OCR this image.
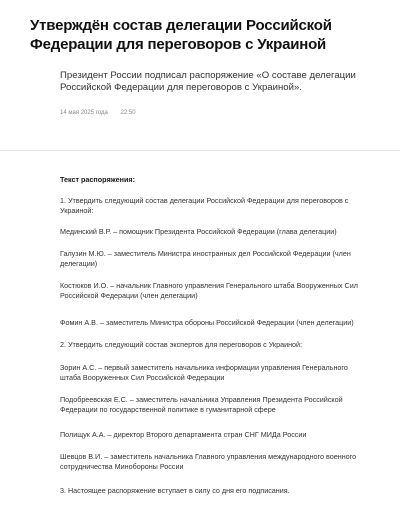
Утверждён состав делегации Российской Федерации для переговоров с Украиной

Президент России подписал распоряжение «О составе делегации Российской Федерации для переговоров с Украиной».

14 мая 2025 года 22:50

Текст распоряжения:

1. Утвердить следующий состав делегации Российской Федерации для переговоров с Украиной:

Мединский В.Р. – помощник Президента Российской Федерации (глава делегации)

Галузин М.Ю. – заместитель Министра иностранных дел Российской Федерации (член делегации)

Костюков И.О. – начальник Главного управления Генерального штаба Вооруженных Сил Российской Федерации (член делегации)

Фомин А.В. – заместитель Министра обороны Российской Федерации (член делегации)

2. Утвердить следующий состав экспертов для переговоров с Украиной:

Зорин А.С. – первый заместитель начальника информации управления Генерального штаба Вооруженных Сил Российской Федерации

Подобреевская Е.С. – заместитель начальника Управления Президента Российской Федерации по государственной политике в гуманитарной сфере

Полищук А.А. – директор Второго департамента стран СНГ МИДа России

Шевцов В.И. – заместитель начальника Главного управления международного военного сотрудничества Минобороны России

3. Настоящее распоряжение вступает в силу со дня его подписания.
